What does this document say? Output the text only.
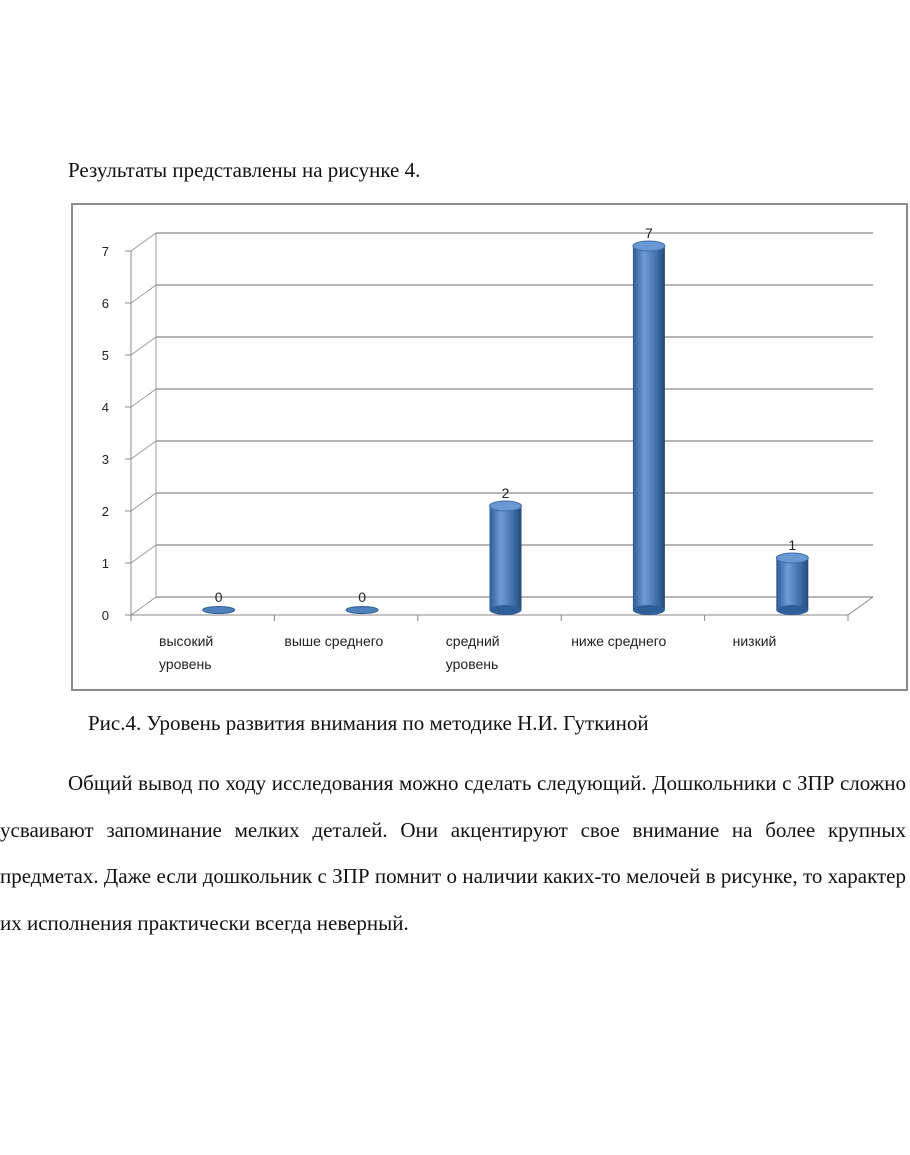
Результаты представлены на рисунке 4.

0
1
2
3
4
5
6
7
0
высокий
уровень
0
выше среднего
2
средний
уровень
7
ниже среднего
1
низкий

Рис.4. Уровень развития внимания по методике Н.И. Гуткиной

Общий вывод по ходу исследования можно сделать следующий. Дошкольники с ЗПР сложно усваивают запоминание мелких деталей. Они акцентируют свое внимание на более крупных предметах. Даже если дошкольник с ЗПР помнит о наличии каких-то мелочей в рисунке, то характер их исполнения практически всегда неверный.
